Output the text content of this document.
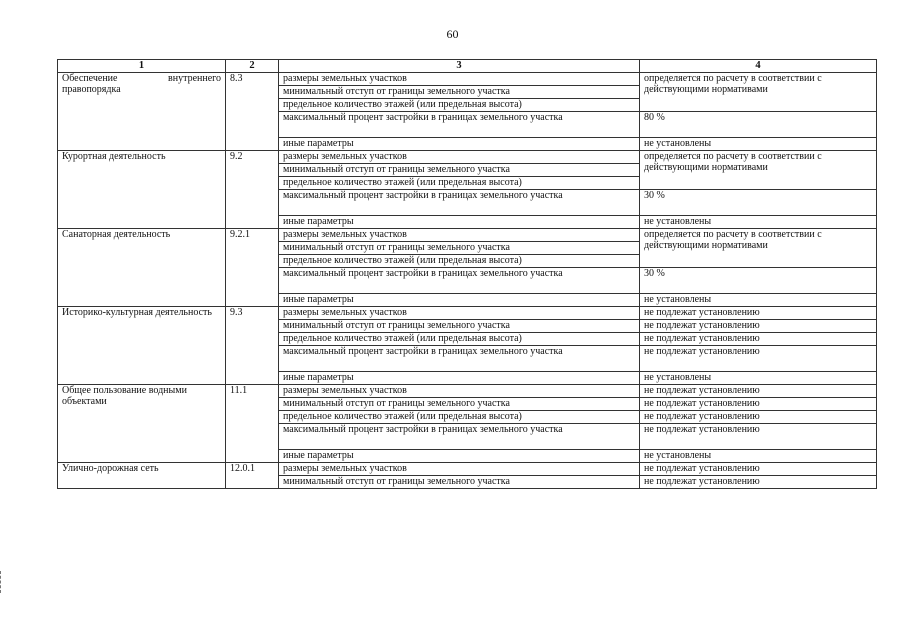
60
1	2	3	4
Обеспечение внутреннего правопорядка	8.3	размеры земельных участков	определяется по расчету в соответствии с действующими нормативами
		минимальный отступ от границы земельного участка	
		предельное количество этажей (или предельная высота)	
		максимальный процент застройки в границах земельного участка	80 %
		иные параметры	не установлены
Курортная деятельность	9.2	размеры земельных участков	определяется по расчету в соответствии с действующими нормативами
		минимальный отступ от границы земельного участка	
		предельное количество этажей (или предельная высота)	
		максимальный процент застройки в границах земельного участка	30 %
		иные параметры	не установлены
Санаторная деятельность	9.2.1	размеры земельных участков	определяется по расчету в соответствии с действующими нормативами
		минимальный отступ от границы земельного участка	
		предельное количество этажей (или предельная высота)	
		максимальный процент застройки в границах земельного участка	30 %
		иные параметры	не установлены
Историко-культурная деятельность	9.3	размеры земельных участков	не подлежат установлению
		минимальный отступ от границы земельного участка	не подлежат установлению
		предельное количество этажей (или предельная высота)	не подлежат установлению
		максимальный процент застройки в границах земельного участка	не подлежат установлению
		иные параметры	не установлены
Общее пользование водными объектами	11.1	размеры земельных участков	не подлежат установлению
		минимальный отступ от границы земельного участка	не подлежат установлению
		предельное количество этажей (или предельная высота)	не подлежат установлению
		максимальный процент застройки в границах земельного участка	не подлежат установлению
		иные параметры	не установлены
Улично-дорожная сеть	12.0.1	размеры земельных участков	не подлежат установлению
		минимальный отступ от границы земельного участка	не подлежат установлению
